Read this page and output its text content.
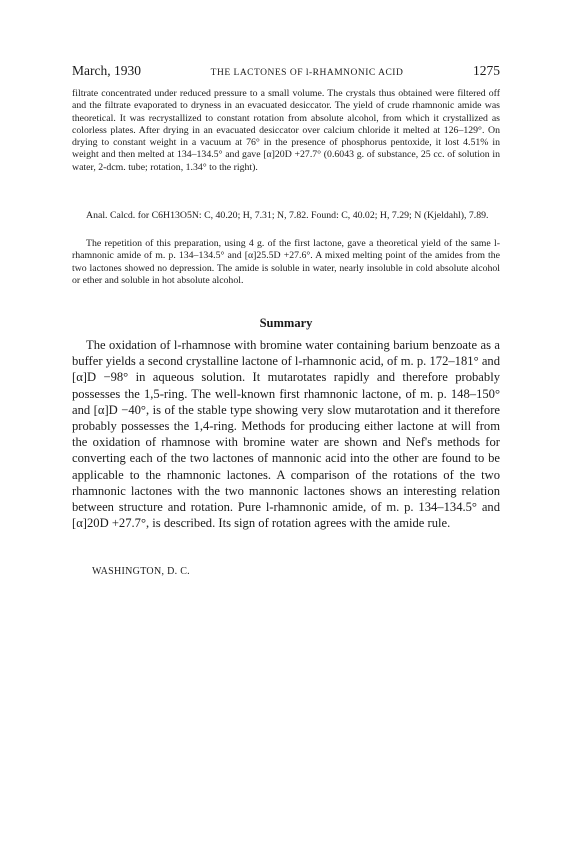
March, 1930	THE LACTONES OF l-RHAMNONIC ACID	1275

filtrate concentrated under reduced pressure to a small volume. The crystals thus obtained were filtered off and the filtrate evaporated to dryness in an evacuated desiccator. The yield of crude rhamnonic amide was theoretical. It was recrystallized to constant rotation from absolute alcohol, from which it crystallized as colorless plates. After drying in an evacuated desiccator over calcium chloride it melted at 126–129°. On drying to constant weight in a vacuum at 76° in the presence of phosphorus pentoxide, it lost 4.51% in weight and then melted at 134–134.5° and gave [α]20D +27.7° (0.6043 g. of substance, 25 cc. of solution in water, 2-dcm. tube; rotation, 1.34° to the right).

Anal. Calcd. for C6H13O5N: C, 40.20; H, 7.31; N, 7.82. Found: C, 40.02; H, 7.29; N (Kjeldahl), 7.89.

The repetition of this preparation, using 4 g. of the first lactone, gave a theoretical yield of the same l-rhamnonic amide of m. p. 134–134.5° and [α]25.5D +27.6°. A mixed melting point of the amides from the two lactones showed no depression. The amide is soluble in water, nearly insoluble in cold absolute alcohol or ether and soluble in hot absolute alcohol.

Summary

The oxidation of l-rhamnose with bromine water containing barium benzoate as a buffer yields a second crystalline lactone of l-rhamnonic acid, of m. p. 172–181° and [α]D −98° in aqueous solution. It mutarotates rapidly and therefore probably possesses the 1,5-ring. The well-known first rhamnonic lactone, of m. p. 148–150° and [α]D −40°, is of the stable type showing very slow mutarotation and it therefore probably possesses the 1,4-ring. Methods for producing either lactone at will from the oxidation of rhamnose with bromine water are shown and Nef's methods for converting each of the two lactones of mannonic acid into the other are found to be applicable to the rhamnonic lactones. A comparison of the rotations of the two rhamnonic lactones with the two mannonic lactones shows an interesting relation between structure and rotation. Pure l-rhamnonic amide, of m. p. 134–134.5° and [α]20D +27.7°, is described. Its sign of rotation agrees with the amide rule.

WASHINGTON, D. C.
